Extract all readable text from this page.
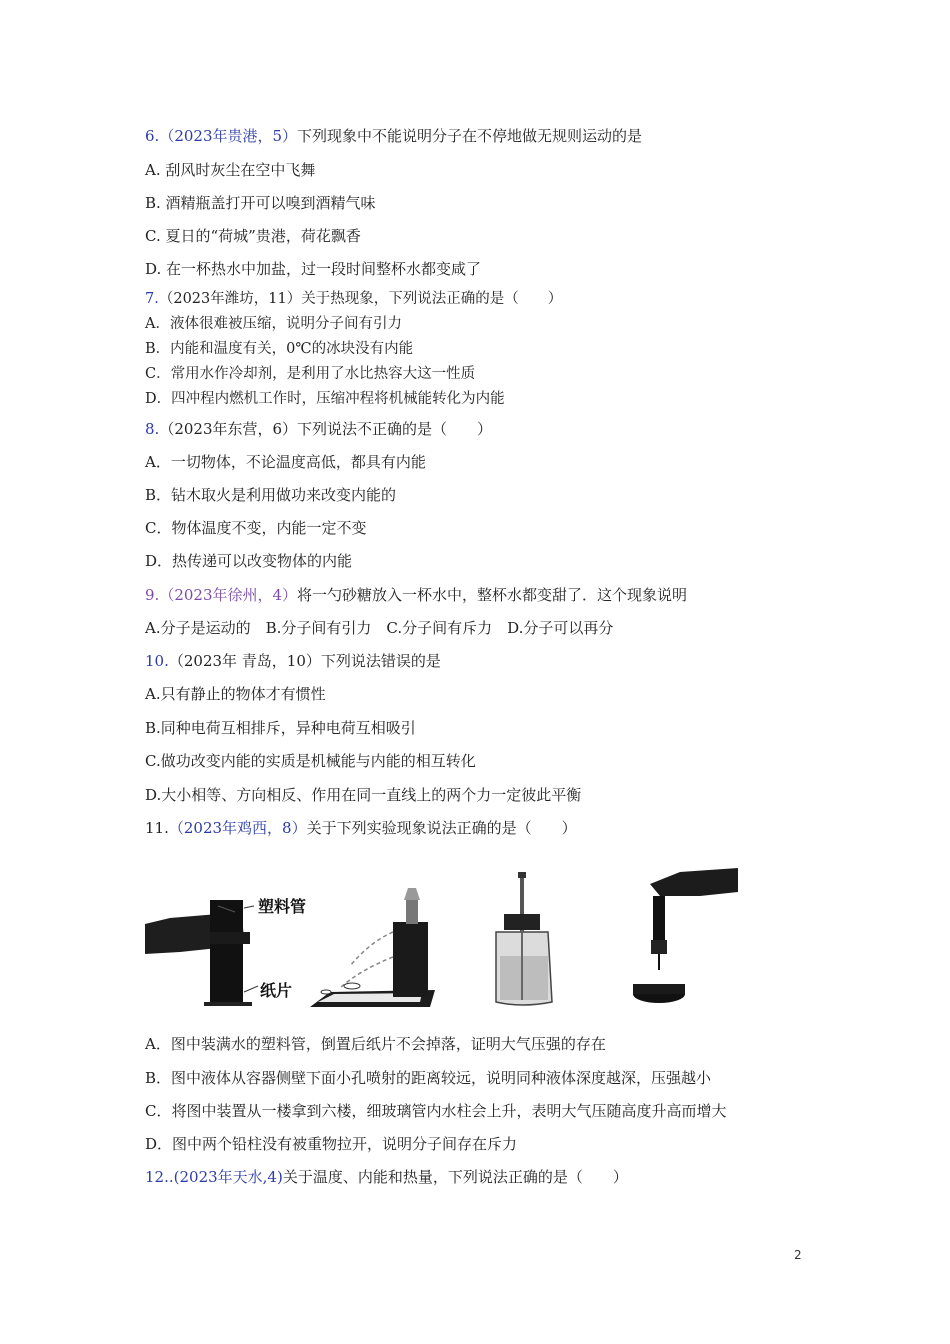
6.（2023年贵港，5）下列现象中不能说明分子在不停地做无规则运动的是
A. 刮风时灰尘在空中飞舞
B. 酒精瓶盖打开可以嗅到酒精气味
C. 夏日的“荷城”贵港，荷花飘香
D. 在一杯热水中加盐，过一段时间整杯水都变咸了
7.（2023年潍坊，11）关于热现象，下列说法正确的是（　　）
A．液体很难被压缩，说明分子间有引力
B．内能和温度有关，0℃的冰块没有内能
C．常用水作冷却剂，是利用了水比热容大这一性质
D．四冲程内燃机工作时，压缩冲程将机械能转化为内能
8.（2023年东营，6）下列说法不正确的是（　　）
A．一切物体，不论温度高低，都具有内能
B．钻木取火是利用做功来改变内能的
C．物体温度不变，内能一定不变
D．热传递可以改变物体的内能
9.（2023年徐州，4）将一勺砂糖放入一杯水中，整杯水都变甜了．这个现象说明
A.分子是运动的　B.分子间有引力　C.分子间有斥力　D.分子可以再分
10.（2023年 青岛，10）下列说法错误的是
A.只有静止的物体才有惯性
B.同种电荷互相排斥，异种电荷互相吸引
C.做功改变内能的实质是机械能与内能的相互转化
D.大小相等、方向相反、作用在同一直线上的两个力一定彼此平衡
11.（2023年鸡西，8）关于下列实验现象说法正确的是（　　）
塑料管
纸片
A．图中装满水的塑料管，倒置后纸片不会掉落，证明大气压强的存在
B．图中液体从容器侧壁下面小孔喷射的距离较远，说明同种液体深度越深，压强越小
C．将图中装置从一楼拿到六楼，细玻璃管内水柱会上升，表明大气压随高度升高而增大
D．图中两个铅柱没有被重物拉开，说明分子间存在斥力
12..(2023年天水,4)关于温度、内能和热量，下列说法正确的是（　　）
2
